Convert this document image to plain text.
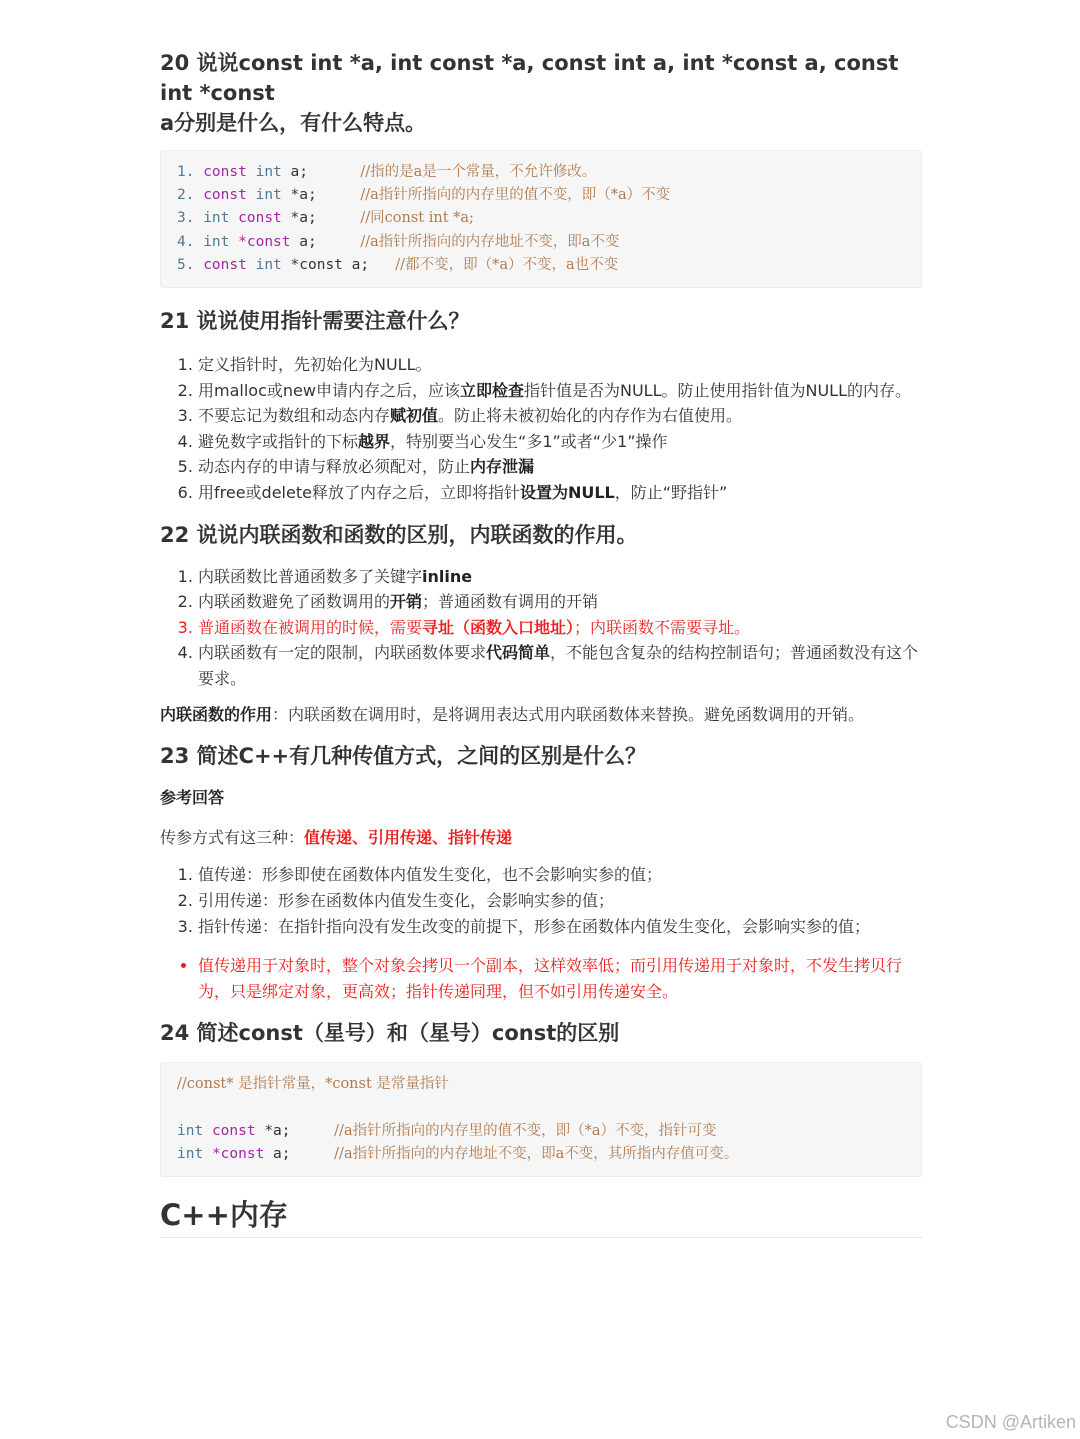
20 说说const int *a, int const *a, const int a, int *const a, const int *const
a分别是什么，有什么特点。
1. const int a;      //指的是a是一个常量，不允许修改。
2. const int *a;     //a指针所指向的内存里的值不变，即（*a）不变
3. int const *a;     //同const int *a;
4. int *const a;     //a指针所指向的内存地址不变，即a不变
5. const int *const a;   //都不变，即（*a）不变，a也不变
21 说说使用指针需要注意什么？
1. 定义指针时，先初始化为NULL。
2. 用malloc或new申请内存之后，应该立即检查指针值是否为NULL。防止使用指针值为NULL的内存。
3. 不要忘记为数组和动态内存赋初值。防止将未被初始化的内存作为右值使用。
4. 避免数字或指针的下标越界，特别要当心发生“多1”或者“少1”操作
5. 动态内存的申请与释放必须配对，防止内存泄漏
6. 用free或delete释放了内存之后，立即将指针设置为NULL，防止“野指针”
22 说说内联函数和函数的区别，内联函数的作用。
1. 内联函数比普通函数多了关键字inline
2. 内联函数避免了函数调用的开销；普通函数有调用的开销
3. 普通函数在被调用的时候，需要寻址（函数入口地址）；内联函数不需要寻址。
4. 内联函数有一定的限制，内联函数体要求代码简单，不能包含复杂的结构控制语句；普通函数没有这个要求。

内联函数的作用：内联函数在调用时，是将调用表达式用内联函数体来替换。避免函数调用的开销。

23 简述C++有几种传值方式，之间的区别是什么？

参考回答

传参方式有这三种：值传递、引用传递、指针传递

1. 值传递：形参即使在函数体内值发生变化，也不会影响实参的值；
2. 引用传递：形参在函数体内值发生变化，会影响实参的值；
3. 指针传递：在指针指向没有发生改变的前提下，形参在函数体内值发生变化，会影响实参的值；
• 值传递用于对象时，整个对象会拷贝一个副本，这样效率低；而引用传递用于对象时，不发生拷贝行为，只是绑定对象，更高效；指针传递同理，但不如引用传递安全。
24 简述const（星号）和（星号）const的区别
//const* 是指针常量，*const 是常量指针

int const *a;     //a指针所指向的内存里的值不变，即（*a）不变，指针可变
int *const a;     //a指针所指向的内存地址不变，即a不变，其所指内存值可变。
C++内存
CSDN @Artiken
